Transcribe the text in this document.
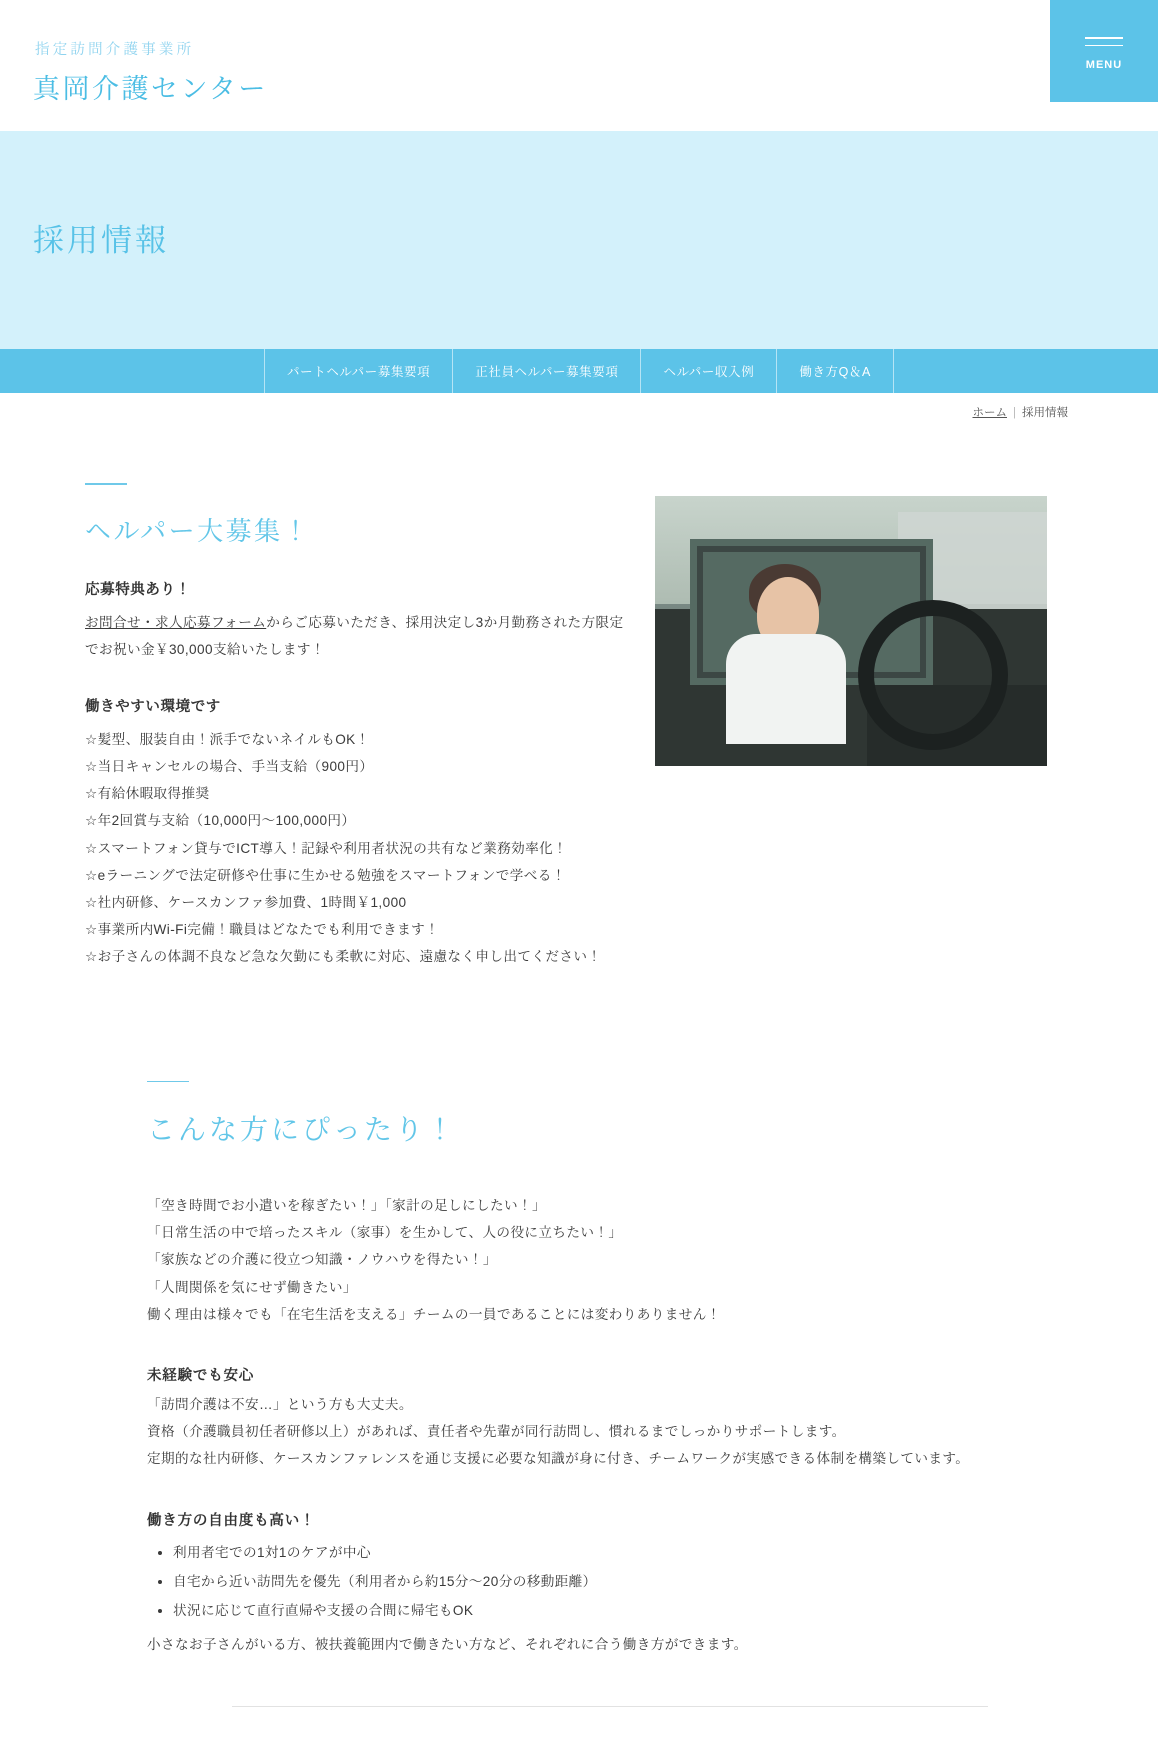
指定訪問介護事業所

真岡介護センター

MENU
採用情報
パートヘルパー募集要項	正社員ヘルパー募集要項	ヘルパー収入例	働き方Q＆A
ホーム | 採用情報
ヘルパー大募集！

応募特典あり！

お問合せ・求人応募フォームからご応募いただき、採用決定し3か月勤務された方限定
でお祝い金￥30,000支給いたします！

働きやすい環境です

☆髪型、服装自由！派手でないネイルもOK！
☆当日キャンセルの場合、手当支給（900円）
☆有給休暇取得推奨
☆年2回賞与支給（10,000円〜100,000円）
☆スマートフォン貸与でICT導入！記録や利用者状況の共有など業務効率化！
☆eラーニングで法定研修や仕事に生かせる勉強をスマートフォンで学べる！
☆社内研修、ケースカンファ参加費、1時間￥1,000
☆事業所内Wi-Fi完備！職員はどなたでも利用できます！
☆お子さんの体調不良など急な欠勤にも柔軟に対応、遠慮なく申し出てください！

こんな方にぴったり！

「空き時間でお小遣いを稼ぎたい！」「家計の足しにしたい！」
「日常生活の中で培ったスキル（家事）を生かして、人の役に立ちたい！」
「家族などの介護に役立つ知識・ノウハウを得たい！」
「人間関係を気にせず働きたい」
働く理由は様々でも「在宅生活を支える」チームの一員であることには変わりありません！

未経験でも安心

「訪問介護は不安…」という方も大丈夫。
資格（介護職員初任者研修以上）があれば、責任者や先輩が同行訪問し、慣れるまでしっかりサポートします。
定期的な社内研修、ケースカンファレンスを通じ支援に必要な知識が身に付き、チームワークが実感できる体制を構築しています。

働き方の自由度も高い！

• 利用者宅での1対1のケアが中心
• 自宅から近い訪問先を優先（利用者から約15分〜20分の移動距離）
• 状況に応じて直行直帰や支援の合間に帰宅もOK

小さなお子さんがいる方、被扶養範囲内で働きたい方など、それぞれに合う働き方ができます。
